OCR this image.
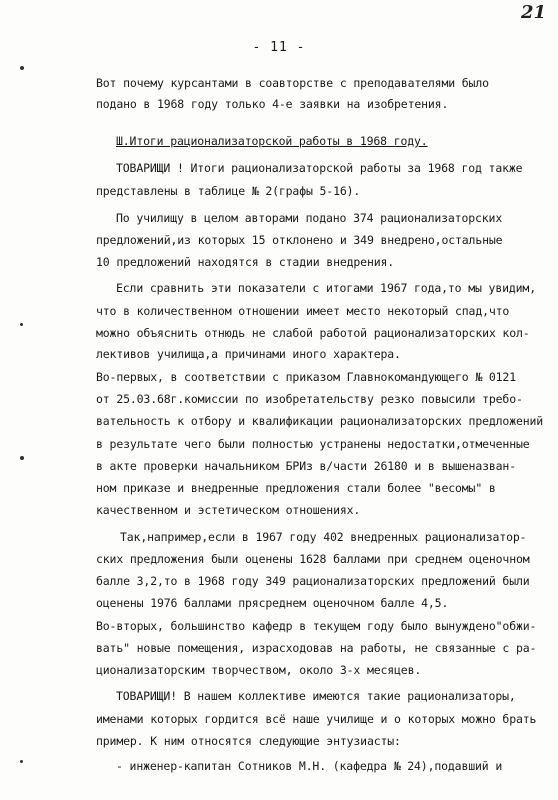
21
- 11 -
Вот почему курсантами в соавторстве с преподавателями было
подано в 1968 году только 4-е заявки на изобретения.
Ш.Итоги рационализаторской работы в 1968 году.
ТОВАРИЩИ ! Итоги рационализаторской работы за 1968 год также
представлены в таблице № 2(графы 5-16).
По училищу в целом авторами подано 374 рационализаторских
предложений,из которых 15 отклонено и 349 внедрено,остальные
10 предложений находятся в стадии внедрения.
Если сравнить эти показатели с итогами 1967 года,то мы увидим,
что в количественном отношении имеет место некоторый спад,что
можно объяснить отнюдь не слабой работой рационализаторских кол-
лективов училища,а причинами иного характера.
Во-первых, в соответствии с приказом Главнокомандующего № 0121
от 25.03.68г.комиссии по изобретательству резко повысили требо-
вательность к отбору и квалификации рационализаторских предложений
в результате чего были полностью устранены недостатки,отмеченные
в акте проверки начальником БРИз в/части 26180 и в вышеназван-
ном приказе и внедренные предложения стали более "весомы" в
качественном и эстетическом отношениях.
Так,например,если в 1967 году 402 внедренных рационализатор-
ских предложения были оценены 1628 баллами при среднем оценочном
балле 3,2,то в 1968 году 349 рационализаторских предложений были
оценены 1976 баллами прясреднем оценочном балле 4,5.
Во-вторых, большинство кафедр в текущем году было вынуждено"обжи-
вать" новые помещения, израсходовав на работы, не связанные с ра-
ционализаторским творчеством, около 3-х месяцев.
ТОВАРИЩИ! В нашем коллективе имеются такие рационализаторы,
именами которых гордится всё наше училище и о которых можно брать
пример. К ним относятся следующие энтузиасты:
- инженер-капитан Сотников М.Н. (кафедра № 24),подавший и
